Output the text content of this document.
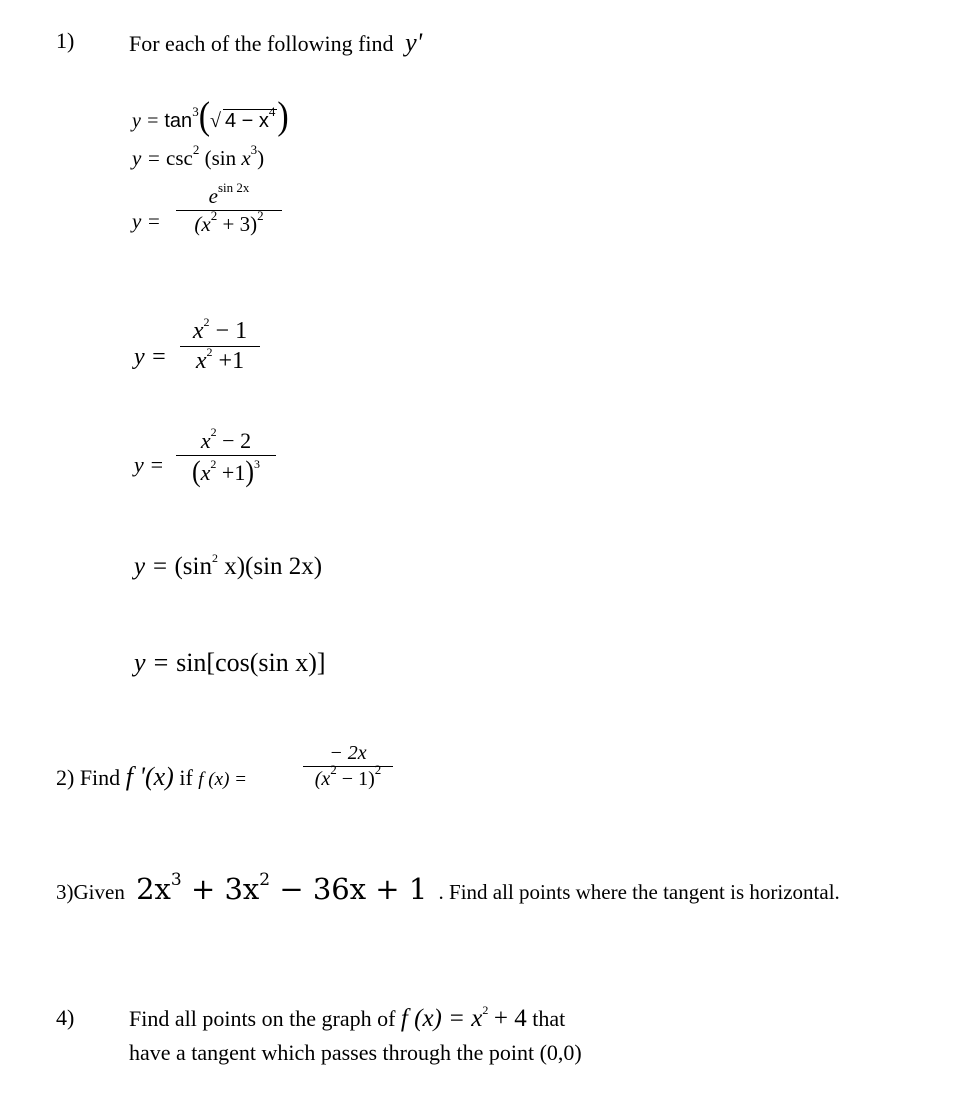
1) For each of the following find y'
$y = \tan^3(√$ $4 - x^4$)
$y = \csc^2 (\sin$ $x^3$)
y =
$e^{sin 2x}$
$(x^2 + 3)^2$
y =
$x^2 - 1$
$x^2 +1$
y =
$x^2 - 2$
$(x^2 +1)^3$
$y = (\sin^2$ x)(sin 2x)
y = sin[cos(sin x)]
2) Find f '(x) if f (x) =
− 2x
$(x^2 - 1)^2$
3)Given $2x^3 + 3x^2 - 36x + 1$ . Find all points where the tangent is horizontal.
4) Find all points on the graph of f $(x) = x^2 + 4$ that
have a tangent which passes through the point (0,0)
